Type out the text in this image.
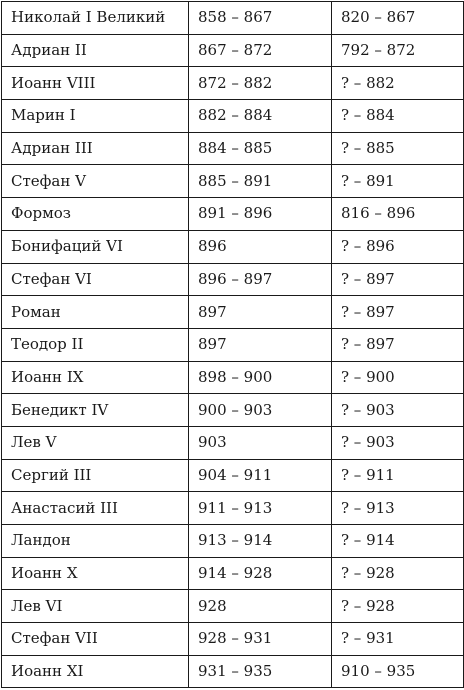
Николай I Великий	858 – 867	820 – 867
Адриан II	867 – 872	792 – 872
Иоанн VIII	872 – 882	? – 882
Марин I	882 – 884	? – 884
Адриан III	884 – 885	? – 885
Стефан V	885 – 891	? – 891
Формоз	891 – 896	816 – 896
Бонифаций VI	896	? – 896
Стефан VI	896 – 897	? – 897
Роман	897	? – 897
Теодор II	897	? – 897
Иоанн IX	898 – 900	? – 900
Бенедикт IV	900 – 903	? – 903
Лев V	903	? – 903
Сергий III	904 – 911	? – 911
Анастасий III	911 – 913	? – 913
Ландон	913 – 914	? – 914
Иоанн X	914 – 928	? – 928
Лев VI	928	? – 928
Стефан VII	928 – 931	? – 931
Иоанн XI	931 – 935	910 – 935
